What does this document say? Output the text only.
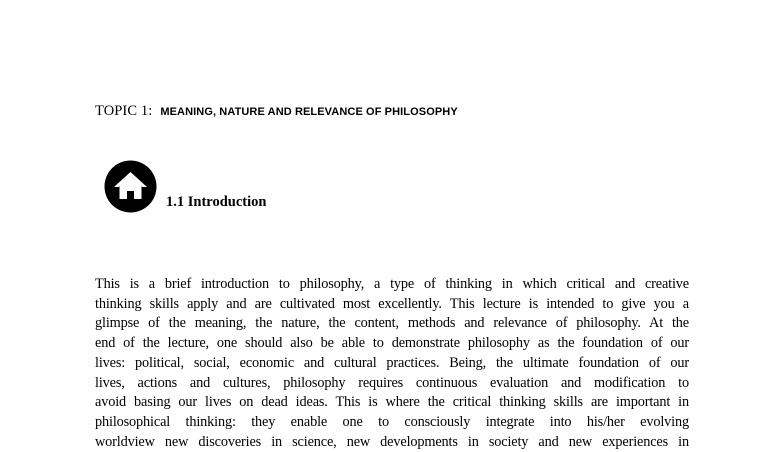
TOPIC 1: MEANING, NATURE AND RELEVANCE OF PHILOSOPHY
1.1 Introduction

This is a brief introduction to philosophy, a type of thinking in which critical and creative
thinking skills apply and are cultivated most excellently. This lecture is intended to give you a
glimpse of the meaning, the nature, the content, methods and relevance of philosophy. At the
end of the lecture, one should also be able to demonstrate philosophy as the foundation of our
lives: political, social, economic and cultural practices. Being, the ultimate foundation of our
lives, actions and cultures, philosophy requires continuous evaluation and modification to
avoid basing our lives on dead ideas. This is where the critical thinking skills are important in
philosophical thinking: they enable one to consciously integrate into his/her evolving
worldview new discoveries in science, new developments in society and new experiences in
